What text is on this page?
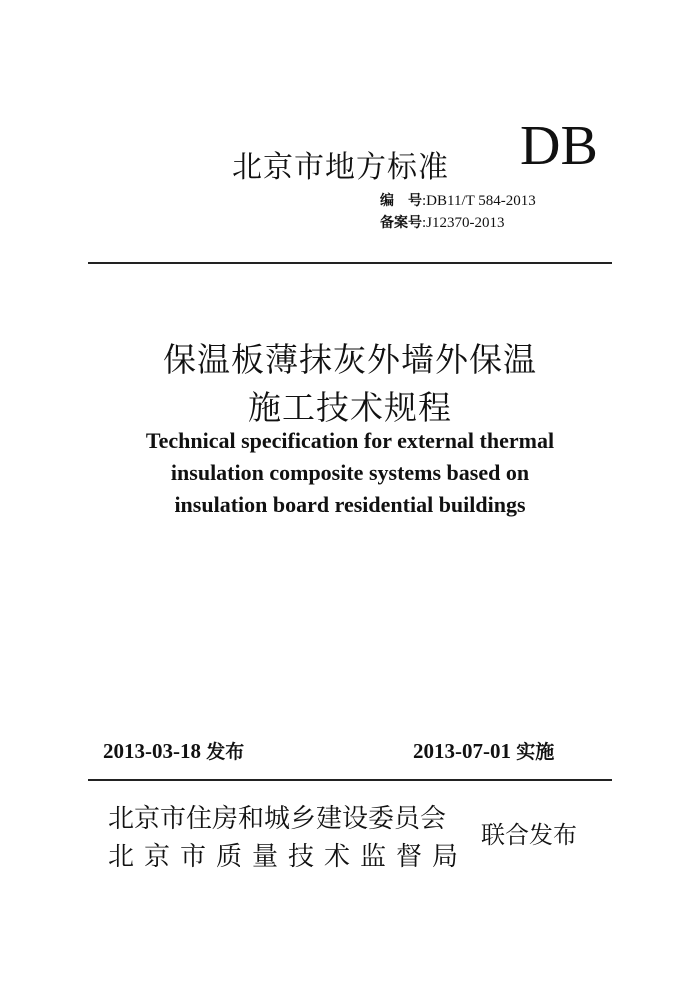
北京市地方标准 DB
编　号:DB11/T 584-2013
备案号:J12370-2013
保温板薄抹灰外墙外保温
施工技术规程
Technical specification for external thermal
insulation composite systems based on
insulation board residential buildings
2013-03-18 发布	2013-07-01 实施
北京市住房和城乡建设委员会
北京市质量技术监督局
联合发布
